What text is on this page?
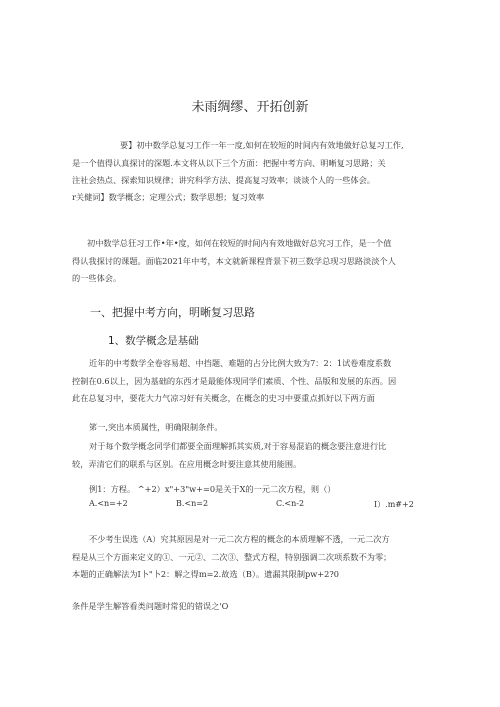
未雨绸缪、开拓创新
要】初中数学总复习工作一年一度,如何在较短的时间内有效地做好总复习工作,
是一个值得认真探讨的深題.本文将从以下三个方面：把握中考方向、明晰复习思路；关
注社会热点、探索知识规律；讲究科学方法、提高复习效率；谈谈个人的一些体会。
r关健词】数学概念；定理公式；数学思想；复习效率
初中数学总狂习工作•年•度，如何在较短的时间内有效地做好总究习工作，是一个值
得认我探讨的课题。面临2021年中考，本文就新课程背景下初三数学总现习思路淡淡个人
的一些体会。
一、把握中考方向，明晰复习思路
1、数学概念是基础
近年的中考数学全卷容易超、中挡题、难题的占分比例大致为7：2：1试卷难度系数
控制在0.6以上，因为基础的东西才是最能体现同学们素质、个性、品版和发展的东西。因
此在总复习中，要花大力气凉习好有关概念，在概念的史习中要重点抓好以下两方面
笫一,突出本质属性，明确限制条件。
对于每个数学概念同学们都要全面理解抓其实质,对于容易混谄的概念要注意进行比
较，弄清它们的联系与区别。在应用概念时要注意其使用能围。
例1：方程。 ^+2）x"+3"w+=0是关于X的一元二次方程，则（）
A.<n=+2	B.<n=2	C.<n-2	I）.m#+2
不少考生误选（A）究其原因是对一元二次方程的概念的本质理解不透，一元二次方
程是从三个方面来定义的①、一元②、二次③、整式方程，特别强调二次项系数不为零；
本题的正确解法为I卜"卜2：解之得m=2.故选（B）。遗漏其限制pw+2?0
条件是学生解答看类问题时常犯的错误之'O
